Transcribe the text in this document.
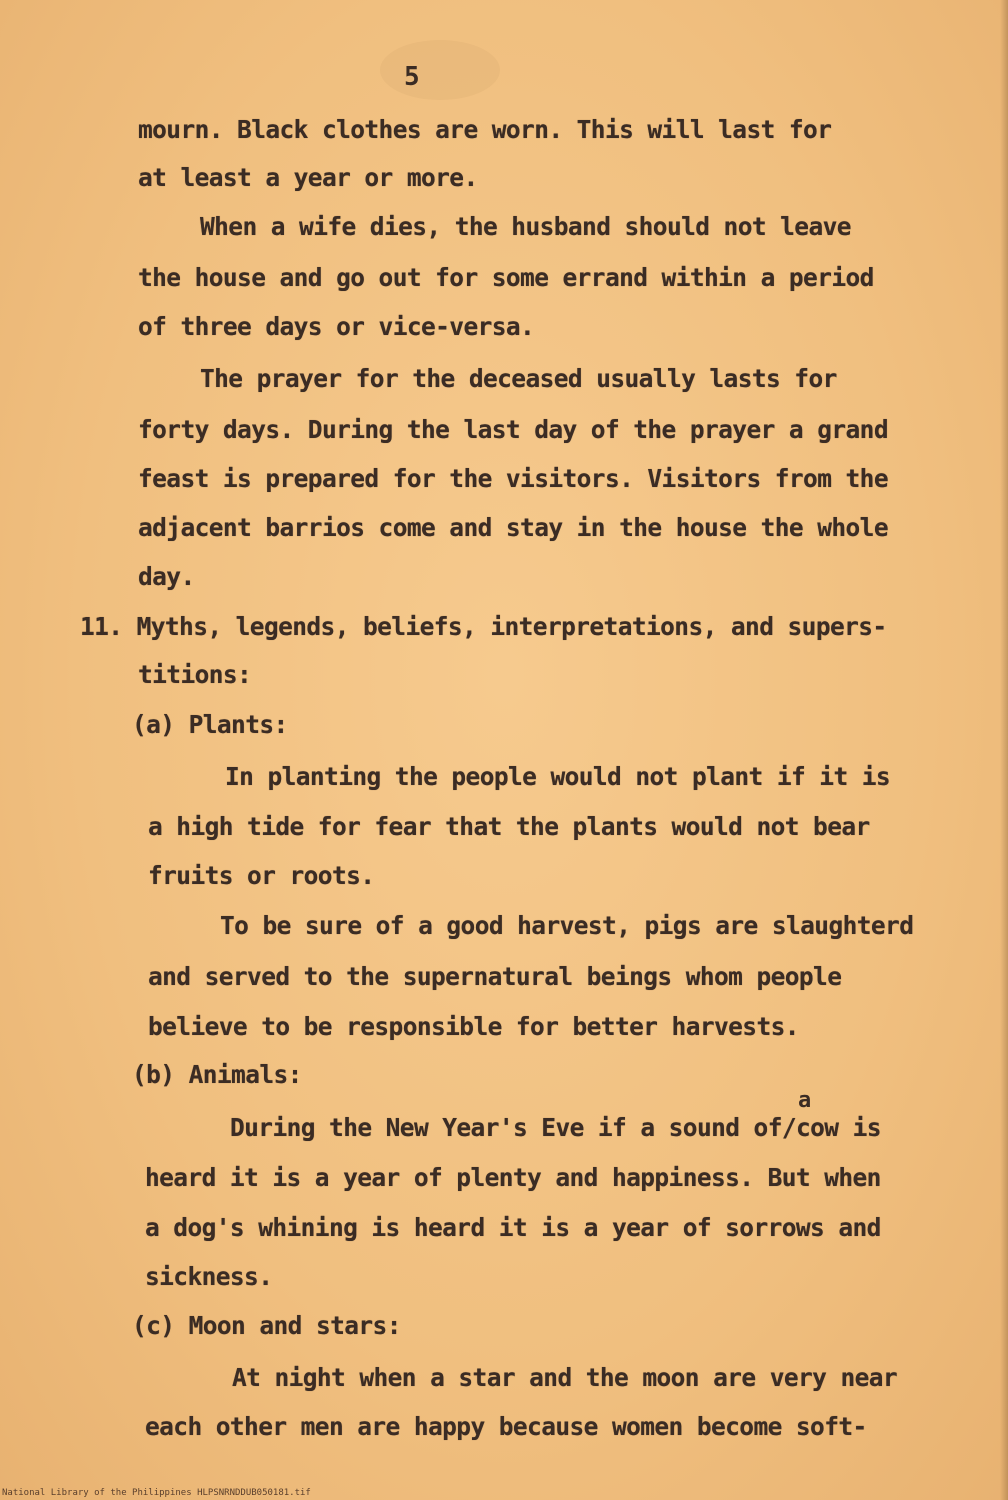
5
mourn. Black clothes are worn. This will last for
at least a year or more.
When a wife dies, the husband should not leave
the house and go out for some errand within a period
of three days or vice-versa.
The prayer for the deceased usually lasts for
forty days. During the last day of the prayer a grand
feast is prepared for the visitors. Visitors from the
adjacent barrios come and stay in the house the whole
day.
11. Myths, legends, beliefs, interpretations, and supers-
titions:
(a) Plants:
In planting the people would not plant if it is
a high tide for fear that the plants would not bear
fruits or roots.
To be sure of a good harvest, pigs are slaughterd
and served to the supernatural beings whom people
believe to be responsible for better harvests.
(b) Animals:
a
During the New Year's Eve if a sound of/cow is
heard it is a year of plenty and happiness. But when
a dog's whining is heard it is a year of sorrows and
sickness.
(c) Moon and stars:
At night when a star and the moon are very near
each other men are happy because women become soft-
National Library of the Philippines HLPSNRNDDUB050181.tif
